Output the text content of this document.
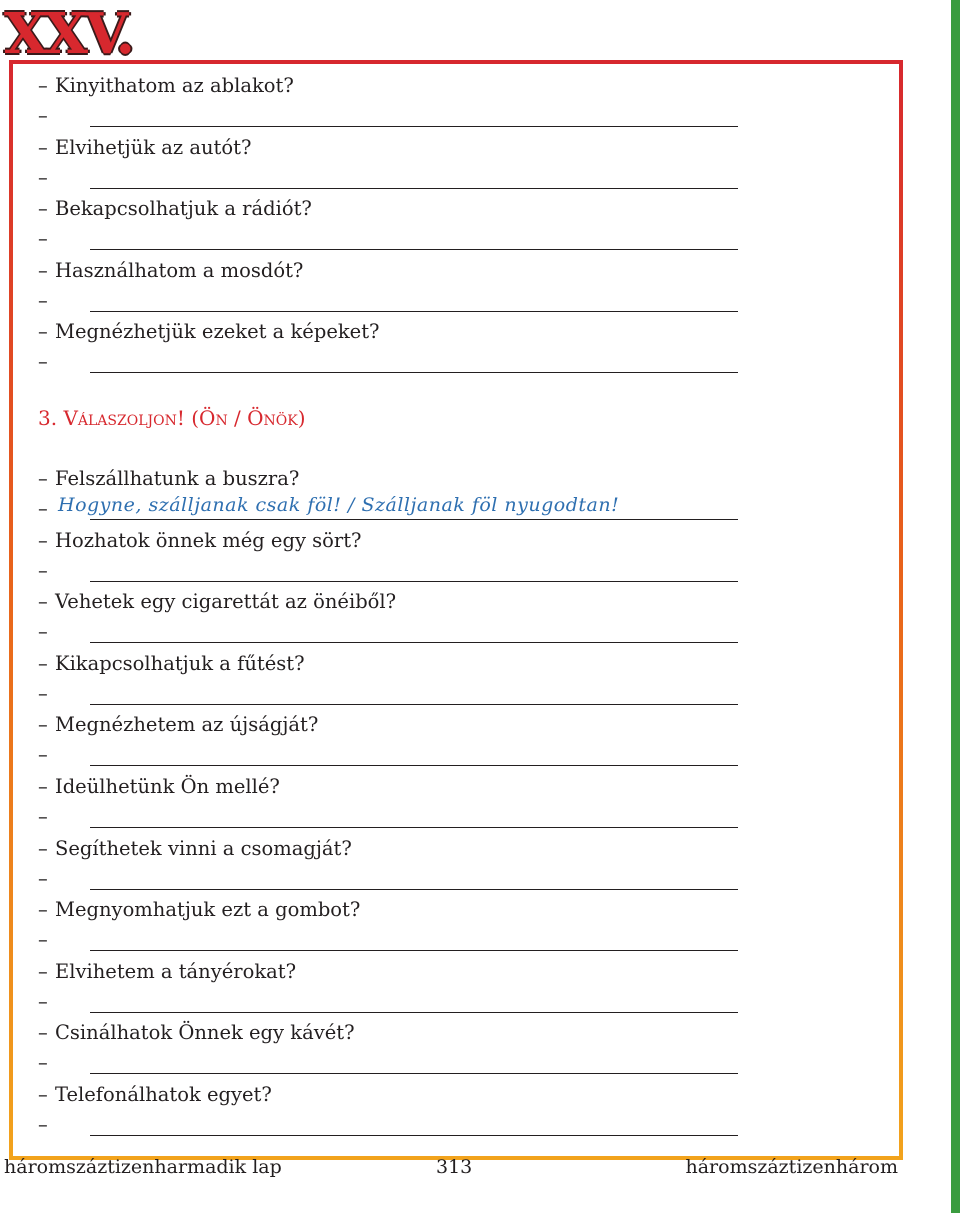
XXV.
3. Válaszoljon! (Ön / Önök)
– Kinyithatom az ablakot?
–
– Elvihetjük az autót?
–
– Bekapcsolhatjuk a rádiót?
–
– Használhatom a mosdót?
–
– Megnézhetjük ezeket a képeket?
–
– Felszállhatunk a buszra?
– Hogyne, szálljanak csak föl! / Szálljanak föl nyugodtan!
– Hozhatok önnek még egy sört?
–
– Vehetek egy cigarettát az önéiből?
–
– Kikapcsolhatjuk a fűtést?
–
– Megnézhetem az újságját?
–
– Ideülhetünk Ön mellé?
–
– Segíthetek vinni a csomagját?
–
– Megnyomhatjuk ezt a gombot?
–
– Elvihetem a tányérokat?
–
– Csinálhatok Önnek egy kávét?
–
– Telefonálhatok egyet?
–
háromszáztizenharmadik lap	313	háromszáztizenhárom
